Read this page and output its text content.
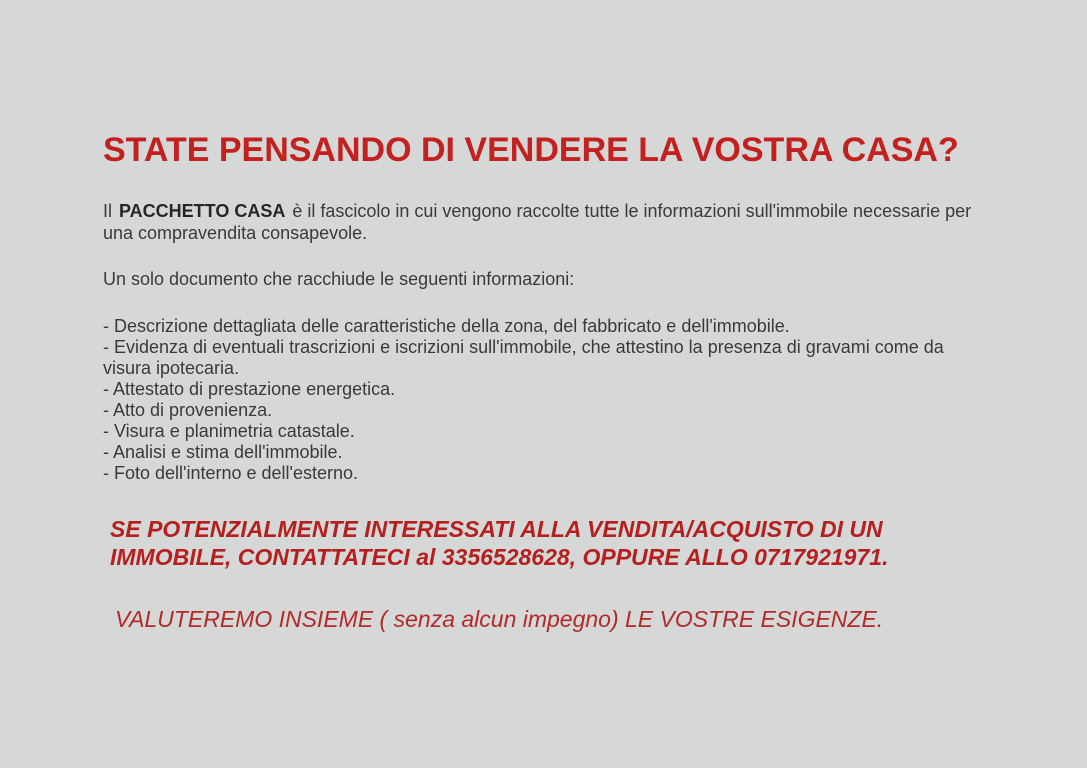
STATE PENSANDO DI VENDERE LA VOSTRA CASA?

Il PACCHETTO CASA è il fascicolo in cui vengono raccolte tutte le informazioni sull'immobile necessarie per una compravendita consapevole.

Un solo documento che racchiude le seguenti informazioni:

- Descrizione dettagliata delle caratteristiche della zona, del fabbricato e dell'immobile.
- Evidenza di eventuali trascrizioni e iscrizioni sull'immobile, che attestino la presenza di gravami come da visura ipotecaria.
- Attestato di prestazione energetica.
- Atto di provenienza.
- Visura e planimetria catastale.
- Analisi e stima dell'immobile.
- Foto dell'interno e dell'esterno.

SE POTENZIALMENTE INTERESSATI ALLA VENDITA/ACQUISTO DI UN IMMOBILE, CONTATTATECI al 3356528628, OPPURE ALLO 0717921971.

VALUTEREMO INSIEME ( senza alcun impegno) LE VOSTRE ESIGENZE.
